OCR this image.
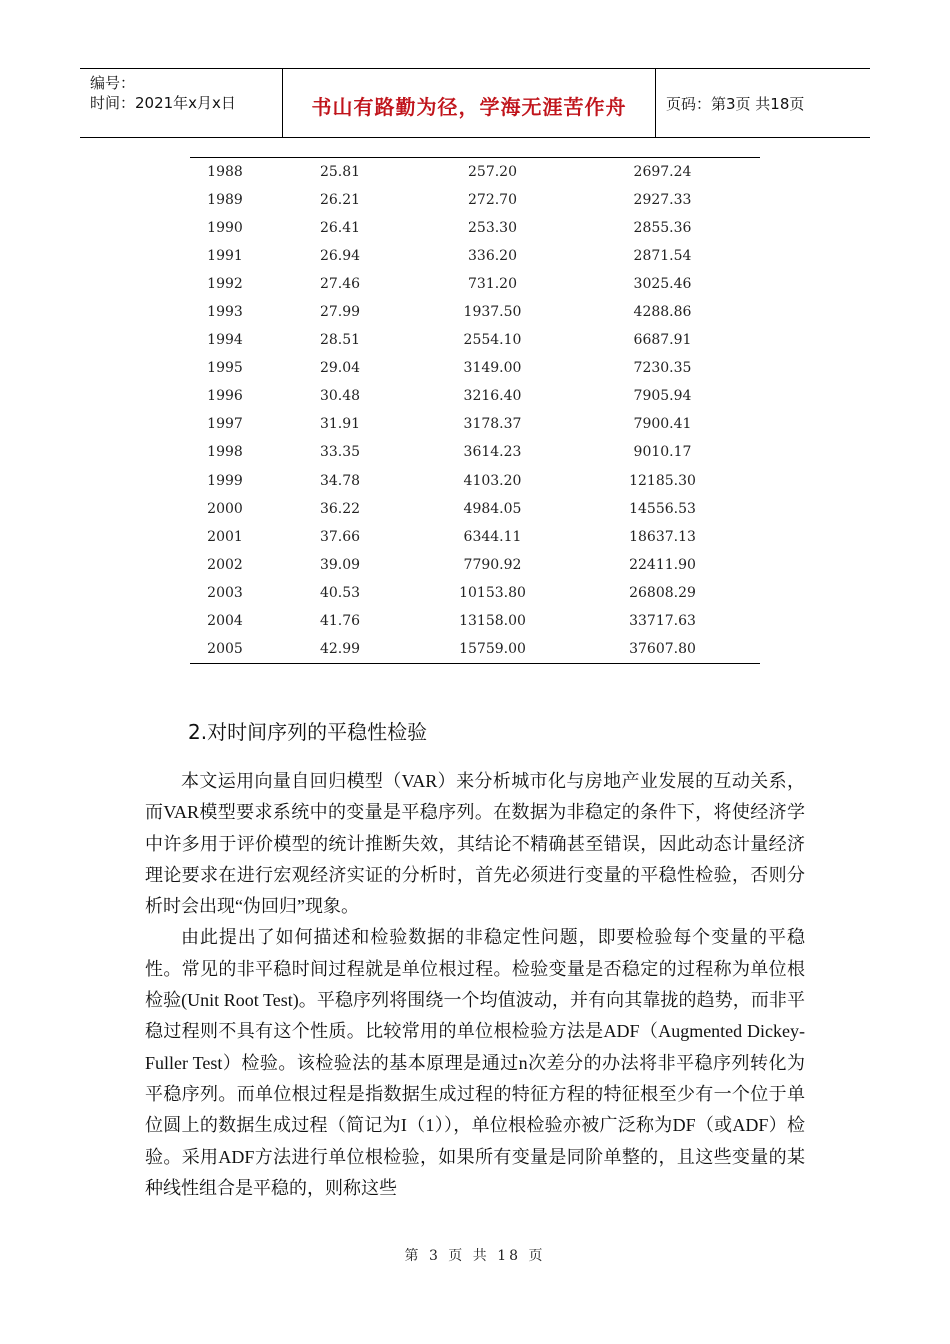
编号：
时间：2021年x月x日	书山有路勤为径，学海无涯苦作舟	页码：第3页 共18页
1988	25.81	257.20	2697.24
1989	26.21	272.70	2927.33
1990	26.41	253.30	2855.36
1991	26.94	336.20	2871.54
1992	27.46	731.20	3025.46
1993	27.99	1937.50	4288.86
1994	28.51	2554.10	6687.91
1995	29.04	3149.00	7230.35
1996	30.48	3216.40	7905.94
1997	31.91	3178.37	7900.41
1998	33.35	3614.23	9010.17
1999	34.78	4103.20	12185.30
2000	36.22	4984.05	14556.53
2001	37.66	6344.11	18637.13
2002	39.09	7790.92	22411.90
2003	40.53	10153.80	26808.29
2004	41.76	13158.00	33717.63
2005	42.99	15759.00	37607.80
2.对时间序列的平稳性检验

本文运用向量自回归模型（VAR）来分析城市化与房地产业发展的互动关系，而VAR模型要求系统中的变量是平稳序列。在数据为非稳定的条件下，将使经济学中许多用于评价模型的统计推断失效，其结论不精确甚至错误，因此动态计量经济理论要求在进行宏观经济实证的分析时，首先必须进行变量的平稳性检验，否则分析时会出现“伪回归”现象。

由此提出了如何描述和检验数据的非稳定性问题，即要检验每个变量的平稳性。常见的非平稳时间过程就是单位根过程。检验变量是否稳定的过程称为单位根检验(Unit Root Test)。平稳序列将围绕一个均值波动，并有向其靠拢的趋势，而非平稳过程则不具有这个性质。比较常用的单位根检验方法是ADF（Augmented Dickey-Fuller Test）检验。该检验法的基本原理是通过n次差分的办法将非平稳序列转化为平稳序列。而单位根过程是指数据生成过程的特征方程的特征根至少有一个位于单位圆上的数据生成过程（简记为I（1）），单位根检验亦被广泛称为DF（或ADF）检验。采用ADF方法进行单位根检验，如果所有变量是同阶单整的，且这些变量的某种线性组合是平稳的，则称这些

第 3 页 共 18 页
